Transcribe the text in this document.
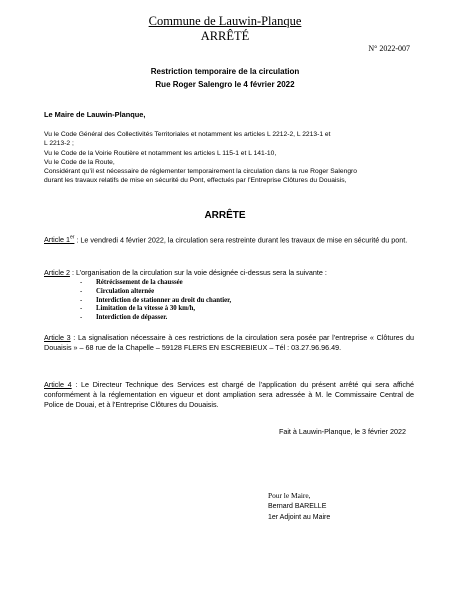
Commune de Lauwin-Planque
ARRÊTÉ
N° 2022-007
Restriction temporaire de la circulation
Rue Roger Salengro le 4 février 2022
Le Maire de Lauwin-Planque,
Vu le Code Général des Collectivités Territoriales et notamment les articles L 2212-2, L 2213-1 et
L 2213-2 ;
Vu le Code de la Voirie Routière et notamment les articles L 115-1 et L 141-10,
Vu le Code de la Route,
Considérant qu’il est nécessaire de réglementer temporairement la circulation dans la rue Roger Salengro
durant les travaux relatifs de mise en sécurité du Pont, effectués par l’Entreprise Clôtures du Douaisis,
ARRÊTE
Article 1er : Le vendredi 4 février 2022, la circulation sera restreinte durant les travaux de mise en sécurité du pont.
Article 2 : L’organisation de la circulation sur la voie désignée ci-dessus sera la suivante :
- Rétrécissement de la chaussée
- Circulation alternée
- Interdiction de stationner au droit du chantier,
- Limitation de la vitesse à 30 km/h,
- Interdiction de dépasser.
Article 3 : La signalisation nécessaire à ces restrictions de la circulation sera posée par l’entreprise « Clôtures du Douaisis » – 68 rue de la Chapelle – 59128 FLERS EN ESCREBIEUX – Tél : 03.27.96.96.49.
Article 4 : Le Directeur Technique des Services est chargé de l’application du présent arrêté qui sera affiché conformément à la réglementation en vigueur et dont ampliation sera adressée à M. le Commissaire Central de Police de Douai, et à l’Entreprise Clôtures du Douaisis.
Fait à Lauwin-Planque, le 3 février 2022
Pour le Maire,
Bernard BARELLE
1er Adjoint au Maire
